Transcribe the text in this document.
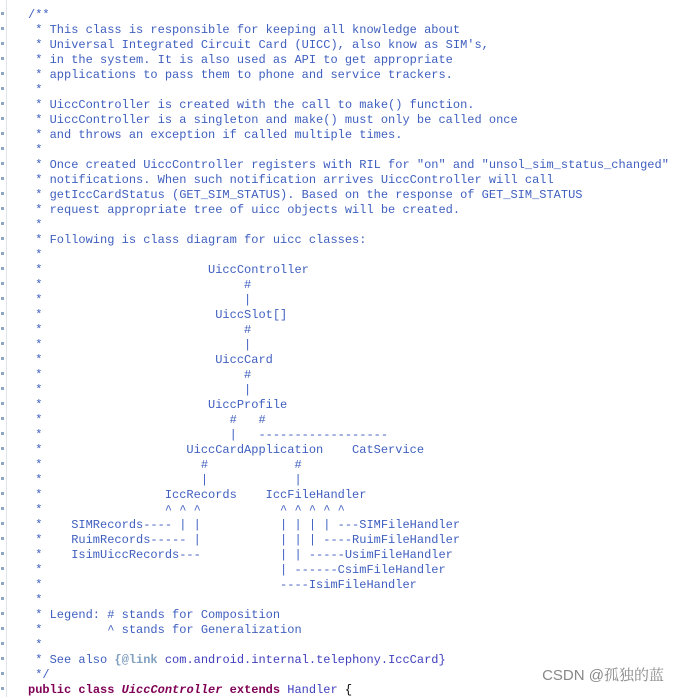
/**
* This class is responsible for keeping all knowledge about
* Universal Integrated Circuit Card (UICC), also know as SIM's,
* in the system. It is also used as API to get appropriate
* applications to pass them to phone and service trackers.
*
* UiccController is created with the call to make() function.
* UiccController is a singleton and make() must only be called once
* and throws an exception if called multiple times.
*
* Once created UiccController registers with RIL for "on" and "unsol_sim_status_changed"
* notifications. When such notification arrives UiccController will call
* getIccCardStatus (GET_SIM_STATUS). Based on the response of GET_SIM_STATUS
* request appropriate tree of uicc objects will be created.
*
* Following is class diagram for uicc classes:
*
*                       UiccController
*                            #
*                            |
*                        UiccSlot[]
*                            #
*                            |
*                        UiccCard
*                            #
*                            |
*                       UiccProfile
*                          #   #
*                          |   ------------------
*                    UiccCardApplication    CatService
*                      #            #
*                      |            |
*                 IccRecords    IccFileHandler
*                 ^ ^ ^           ^ ^ ^ ^ ^
*    SIMRecords---- | |           | | | | ---SIMFileHandler
*    RuimRecords----- |           | | | ----RuimFileHandler
*    IsimUiccRecords---           | | -----UsimFileHandler
*                                 | ------CsimFileHandler
*                                 ----IsimFileHandler
*
* Legend: # stands for Composition
*         ^ stands for Generalization
*
* See also {@link com.android.internal.telephony.IccCard}
*/
public class UiccController extends Handler {
CSDN @孤独的蓝
